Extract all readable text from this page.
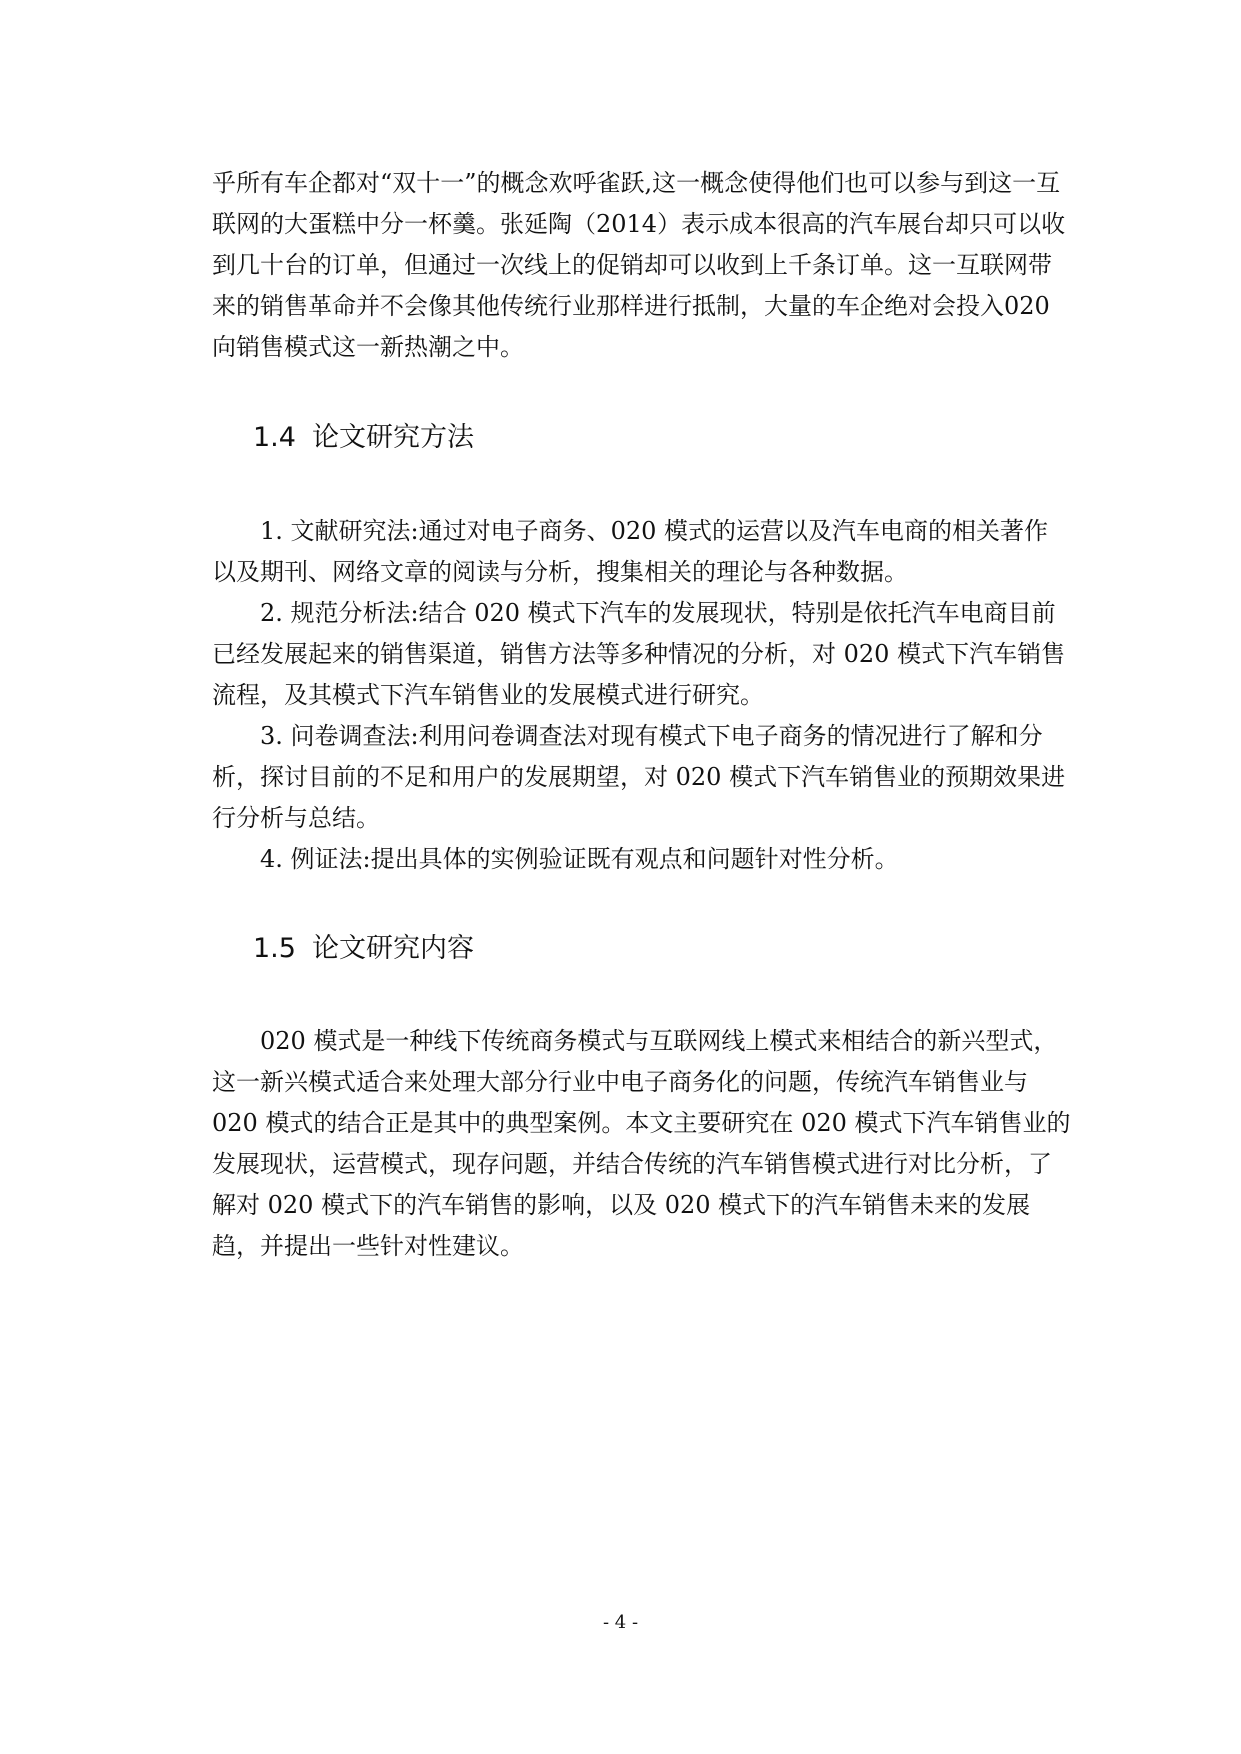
乎所有车企都对“双十一”的概念欢呼雀跃,这一概念使得他们也可以参与到这一互联网的大蛋糕中分一杯羹。张延陶（2014）表示成本很高的汽车展台却只可以收到几十台的订单，但通过一次线上的促销却可以收到上千条订单。这一互联网带来的销售革命并不会像其他传统行业那样进行抵制，大量的车企绝对会投入020向销售模式这一新热潮之中。

1.4 论文研究方法
1. 文献研究法:通过对电子商务、020 模式的运营以及汽车电商的相关著作以及期刊、网络文章的阅读与分析，搜集相关的理论与各种数据。
2. 规范分析法:结合 020 模式下汽车的发展现状，特别是依托汽车电商目前已经发展起来的销售渠道，销售方法等多种情况的分析，对 020 模式下汽车销售流程，及其模式下汽车销售业的发展模式进行研究。
3. 问卷调查法:利用问卷调查法对现有模式下电子商务的情况进行了解和分析，探讨目前的不足和用户的发展期望，对 020 模式下汽车销售业的预期效果进行分析与总结。
4. 例证法:提出具体的实例验证既有观点和问题针对性分析。
1.5 论文研究内容

020 模式是一种线下传统商务模式与互联网线上模式来相结合的新兴型式，这一新兴模式适合来处理大部分行业中电子商务化的问题，传统汽车销售业与020 模式的结合正是其中的典型案例。本文主要研究在 020 模式下汽车销售业的发展现状，运营模式，现存问题，并结合传统的汽车销售模式进行对比分析，了解对 020 模式下的汽车销售的影响，以及 020 模式下的汽车销售未来的发展趋，并提出一些针对性建议。

- 4 -
